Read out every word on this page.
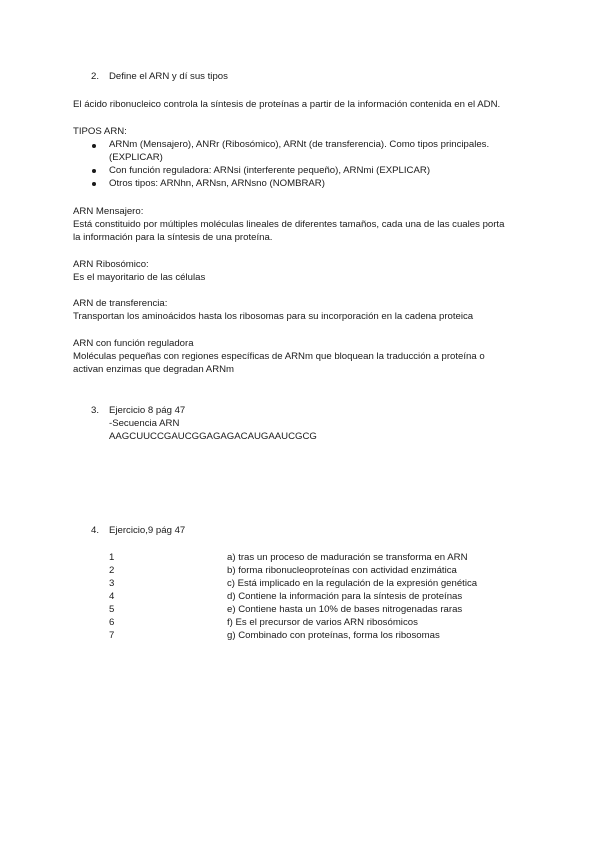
2. Define el ARN y dí sus tipos
El ácido ribonucleico controla la síntesis de proteínas a partir de la información contenida en el ADN.
TIPOS ARN:
ARNm (Mensajero), ANRr (Ribosómico), ARNt (de transferencia). Como tipos principales.
(EXPLICAR)
Con función reguladora: ARNsi (interferente pequeño), ARNmi (EXPLICAR)
Otros tipos: ARNhn, ARNsn, ARNsno (NOMBRAR)
ARN Mensajero:
Está constituido por múltiples moléculas lineales de diferentes tamaños, cada una de las cuales porta
la información para la síntesis de una proteína.
ARN Ribosómico:
Es el mayoritario de las células
ARN de transferencia:
Transportan los aminoácidos hasta los ribosomas para su incorporación en la cadena proteica
ARN con función reguladora
Moléculas pequeñas con regiones específicas de ARNm que bloquean la traducción a proteína o
activan enzimas que degradan ARNm
3. Ejercicio 8 pág 47
-Secuencia ARN
AAGCUUCCGAUCGGAGAGACAUGAAUCGCG
4. Ejercicio,9 pág 47
1
2
3
4
5
6
7
a) tras un proceso de maduración se transforma en ARN
b) forma ribonucleoproteínas con actividad enzimática
c) Está implicado en la regulación de la expresión genética
d) Contiene la información para la síntesis de proteínas
e) Contiene hasta un 10% de bases nitrogenadas raras
f) Es el precursor de varios ARN ribosómicos
g) Combinado con proteínas, forma los ribosomas
